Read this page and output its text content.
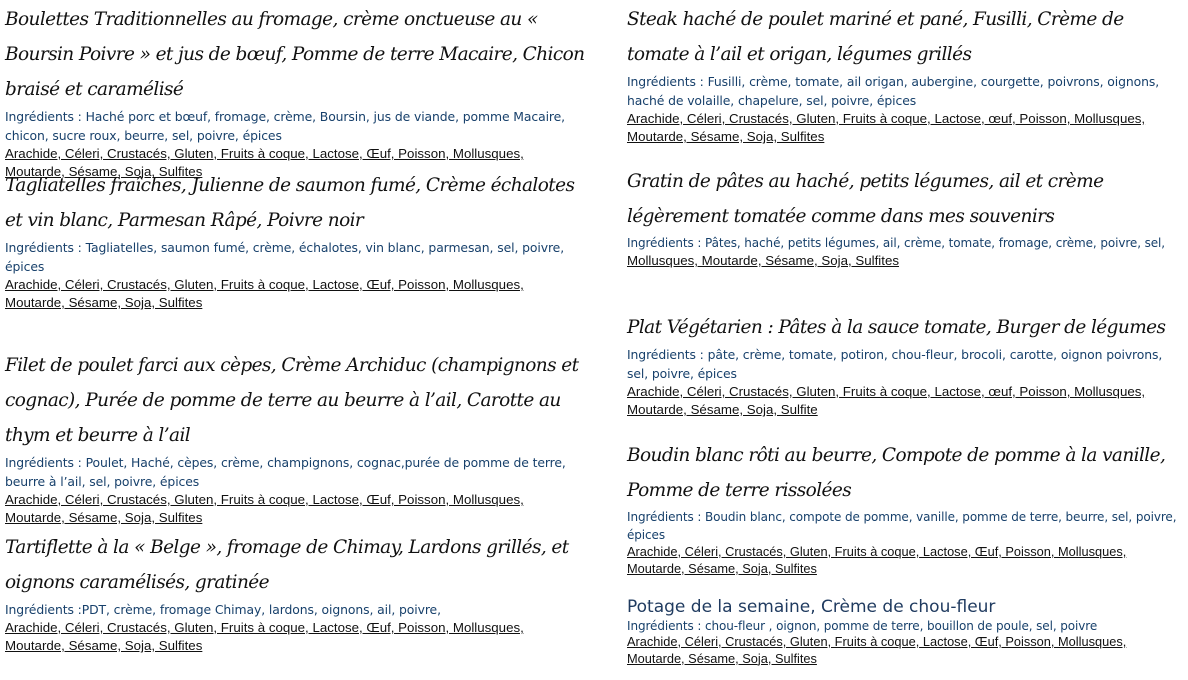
Boulettes Traditionnelles au fromage, crème onctueuse au « Boursin Poivre » et jus de bœuf, Pomme de terre Macaire, Chicon braisé et caramélisé

Ingrédients : Haché porc et bœuf, fromage, crème, Boursin, jus de viande, pomme Macaire, chicon, sucre roux, beurre, sel, poivre, épices

Arachide, Céleri, Crustacés, Gluten, Fruits à coque, Lactose, Œuf, Poisson, Mollusques, Moutarde, Sésame, Soja, Sulfites

Tagliatelles fraîches, Julienne de saumon fumé, Crème échalotes et vin blanc, Parmesan Râpé, Poivre noir

Ingrédients : Tagliatelles, saumon fumé, crème, échalotes, vin blanc, parmesan, sel, poivre, épices

Arachide, Céleri, Crustacés, Gluten, Fruits à coque, Lactose, Œuf, Poisson, Mollusques, Moutarde, Sésame, Soja, Sulfites

Filet de poulet farci aux cèpes, Crème Archiduc (champignons et cognac), Purée de pomme de terre au beurre à l’ail, Carotte au thym et beurre à l’ail

Ingrédients : Poulet, Haché, cèpes, crème, champignons, cognac,purée de pomme de terre, beurre à l’ail, sel, poivre, épices

Arachide, Céleri, Crustacés, Gluten, Fruits à coque, Lactose, Œuf, Poisson, Mollusques, Moutarde, Sésame, Soja, Sulfites

Tartiflette à la « Belge », fromage de Chimay, Lardons grillés, et oignons caramélisés, gratinée

Ingrédients :PDT, crème, fromage Chimay, lardons, oignons, ail, poivre,

Arachide, Céleri, Crustacés, Gluten, Fruits à coque, Lactose, Œuf, Poisson, Mollusques, Moutarde, Sésame, Soja, Sulfites

Steak haché de poulet mariné et pané, Fusilli, Crème de tomate à l’ail et origan, légumes grillés

Ingrédients : Fusilli, crème, tomate, ail origan, aubergine, courgette, poivrons, oignons, haché de volaille, chapelure, sel, poivre, épices

Arachide, Céleri, Crustacés, Gluten, Fruits à coque, Lactose, œuf, Poisson, Mollusques, Moutarde, Sésame, Soja, Sulfites

Gratin de pâtes au haché, petits légumes, ail et crème légèrement tomatée comme dans mes souvenirs

Ingrédients : Pâtes, haché, petits légumes, ail, crème, tomate, fromage, crème, poivre, sel,

Mollusques, Moutarde, Sésame, Soja, Sulfites

Plat Végétarien : Pâtes à la sauce tomate, Burger de légumes

Ingrédients : pâte, crème, tomate, potiron, chou-fleur, brocoli, carotte, oignon poivrons, sel, poivre, épices

Arachide, Céleri, Crustacés, Gluten, Fruits à coque, Lactose, œuf, Poisson, Mollusques, Moutarde, Sésame, Soja, Sulfite

Boudin blanc rôti au beurre, Compote de pomme à la vanille, Pomme de terre rissolées

Ingrédients : Boudin blanc, compote de pomme, vanille, pomme de terre, beurre, sel, poivre, épices

Arachide, Céleri, Crustacés, Gluten, Fruits à coque, Lactose, Œuf, Poisson, Mollusques, Moutarde, Sésame, Soja, Sulfites

Potage de la semaine, Crème de chou-fleur

Ingrédients : chou-fleur , oignon, pomme de terre, bouillon de poule, sel, poivre

Arachide, Céleri, Crustacés, Gluten, Fruits à coque, Lactose, Œuf, Poisson, Mollusques, Moutarde, Sésame, Soja, Sulfites
